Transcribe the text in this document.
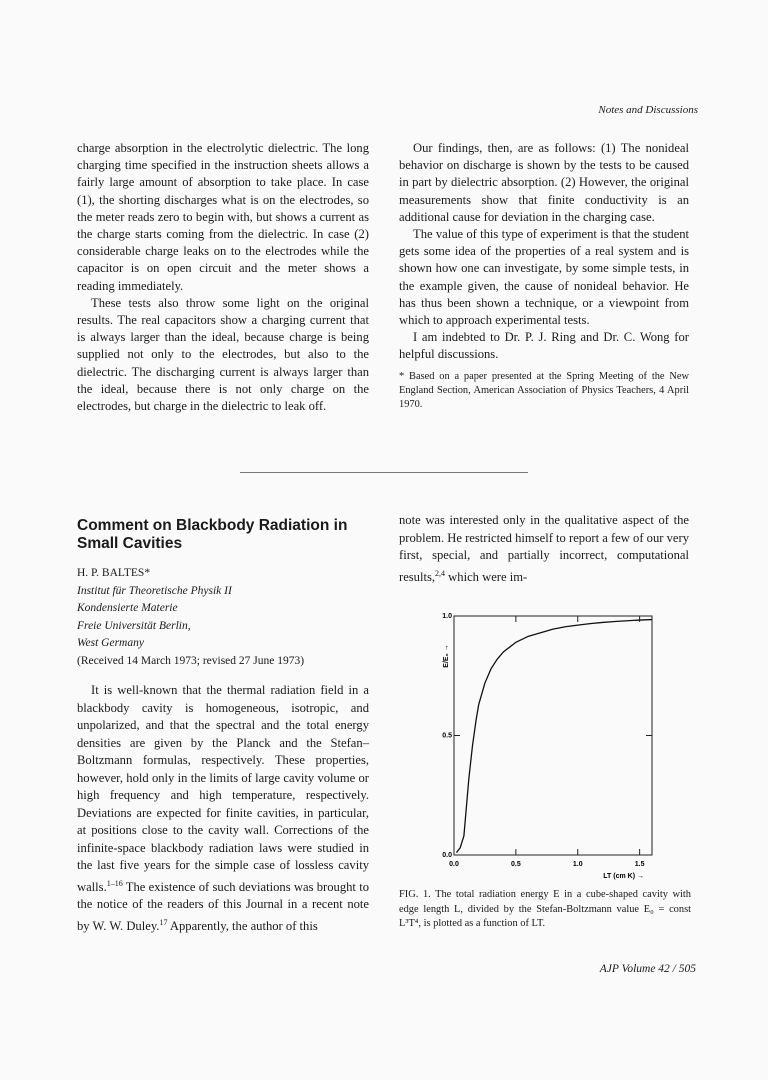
Notes and Discussions

charge absorption in the electrolytic dielectric. The long charging time specified in the instruction sheets allows a fairly large amount of absorption to take place. In case (1), the shorting discharges what is on the electrodes, so the meter reads zero to begin with, but shows a current as the charge starts coming from the dielectric. In case (2) considerable charge leaks on to the electrodes while the capacitor is on open circuit and the meter shows a reading immediately.

These tests also throw some light on the original results. The real capacitors show a charging current that is always larger than the ideal, because charge is being supplied not only to the electrodes, but also to the dielectric. The discharging current is always larger than the ideal, because there is not only charge on the electrodes, but charge in the dielectric to leak off.

Our findings, then, are as follows: (1) The nonideal behavior on discharge is shown by the tests to be caused in part by dielectric absorption. (2) However, the original measurements show that finite conductivity is an additional cause for deviation in the charging case.

The value of this type of experiment is that the student gets some idea of the properties of a real system and is shown how one can investigate, by some simple tests, in the example given, the cause of nonideal behavior. He has thus been shown a technique, or a viewpoint from which to approach experimental tests.

I am indebted to Dr. P. J. Ring and Dr. C. Wong for helpful discussions.

* Based on a paper presented at the Spring Meeting of the New England Section, American Association of Physics Teachers, 4 April 1970.

Comment on Blackbody Radiation in Small Cavities
H. P. BALTES*
Institut für Theoretische Physik II
Kondensierte Materie
Freie Universität Berlin,
West Germany
(Received 14 March 1973; revised 27 June 1973)

It is well-known that the thermal radiation field in a blackbody cavity is homogeneous, isotropic, and unpolarized, and that the spectral and the total energy densities are given by the Planck and the Stefan–Boltzmann formulas, respectively. These properties, however, hold only in the limits of large cavity volume or high frequency and high temperature, respectively. Deviations are expected for finite cavities, in particular, at positions close to the cavity wall. Corrections of the infinite-space blackbody radiation laws were studied in the last five years for the simple case of lossless cavity walls.$^{1-16}$ The existence of such deviations was brought to the notice of the readers of this Journal in a recent note by W. W. Duley.$^{17}$ Apparently, the author of this

note was interested only in the qualitative aspect of the problem. He restricted himself to report a few of our very first, special, and partially incorrect, computational results,$^{2,4}$ which were im-

0.0	0.5	1.0	1.5
0.0
0.5
1.0
LT (cm K) →
E/E₀ →
FIG. 1. The total radiation energy E in a cube-shaped cavity with edge length L, divided by the Stefan-Boltzmann value E₀ = const L³T⁴, is plotted as a function of LT.
AJP Volume 42 / 505
